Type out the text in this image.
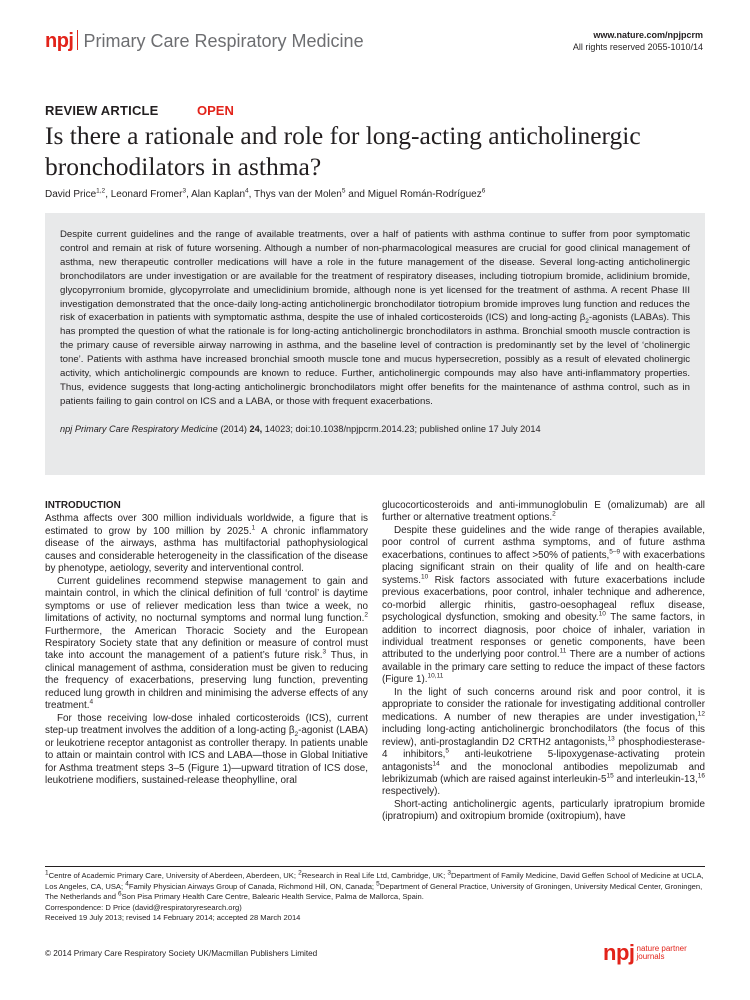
npj Primary Care Respiratory Medicine	www.nature.com/npjpcrm
All rights reserved 2055-1010/14
REVIEW ARTICLE	OPEN
Is there a rationale and role for long-acting anticholinergic bronchodilators in asthma?
David Price$^{1,2}$, Leonard Fromer$^3$, Alan Kaplan$^4$, Thys van der Molen$^5$ and Miguel Román-Rodríguez$^6$

Despite current guidelines and the range of available treatments, over a half of patients with asthma continue to suffer from poor symptomatic control and remain at risk of future worsening. Although a number of non-pharmacological measures are crucial for good clinical management of asthma, new therapeutic controller medications will have a role in the future management of the disease. Several long-acting anticholinergic bronchodilators are under investigation or are available for the treatment of respiratory diseases, including tiotropium bromide, aclidinium bromide, glycopyrronium bromide, glycopyrrolate and umeclidinium bromide, although none is yet licensed for the treatment of asthma. A recent Phase III investigation demonstrated that the once-daily long-acting anticholinergic bronchodilator tiotropium bromide improves lung function and reduces the risk of exacerbation in patients with symptomatic asthma, despite the use of inhaled corticosteroids (ICS) and long-acting $\beta_2$-agonists (LABAs). This has prompted the question of what the rationale is for long-acting anticholinergic bronchodilators in asthma. Bronchial smooth muscle contraction is the primary cause of reversible airway narrowing in asthma, and the baseline level of contraction is predominantly set by the level of ‘cholinergic tone’. Patients with asthma have increased bronchial smooth muscle tone and mucus hypersecretion, possibly as a result of elevated cholinergic activity, which anticholinergic compounds are known to reduce. Further, anticholinergic compounds may also have anti-inflammatory properties. Thus, evidence suggests that long-acting anticholinergic bronchodilators might offer benefits for the maintenance of asthma control, such as in patients failing to gain control on ICS and a LABA, or those with frequent exacerbations.

npj Primary Care Respiratory Medicine (2014) 24, 14023; doi:10.1038/npjpcrm.2014.23; published online 17 July 2014

INTRODUCTION

Asthma affects over 300 million individuals worldwide, a figure that is estimated to grow by 100 million by 2025.$^1$ A chronic inflammatory disease of the airways, asthma has multifactorial pathophysiological causes and considerable heterogeneity in the classification of the disease by phenotype, aetiology, severity and interventional control.

Current guidelines recommend stepwise management to gain and maintain control, in which the clinical definition of full ‘control’ is daytime symptoms or use of reliever medication less than twice a week, no limitations of activity, no nocturnal symptoms and normal lung function.$^2$ Furthermore, the American Thoracic Society and the European Respiratory Society state that any definition or measure of control must take into account the management of a patient’s future risk.$^3$ Thus, in clinical management of asthma, consideration must be given to reducing the frequency of exacerbations, preserving lung function, preventing reduced lung growth in children and minimising the adverse effects of any treatment.$^4$

For those receiving low-dose inhaled corticosteroids (ICS), current step-up treatment involves the addition of a long-acting $\beta_2$-agonist (LABA) or leukotriene receptor antagonist as controller therapy. In patients unable to attain or maintain control with ICS and LABA—those in Global Initiative for Asthma treatment steps 3–5 (Figure 1)—upward titration of ICS dose, leukotriene modifiers, sustained-release theophylline, oral

glucocorticosteroids and anti-immunoglobulin E (omalizumab) are all further or alternative treatment options.$^2$

Despite these guidelines and the wide range of therapies available, poor control of current asthma symptoms, and of future asthma exacerbations, continues to affect >50% of patients,$^{5-9}$ with exacerbations placing significant strain on their quality of life and on health-care systems.$^{10}$ Risk factors associated with future exacerbations include previous exacerbations, poor control, inhaler technique and adherence, co-morbid allergic rhinitis, gastro-oesophageal reflux disease, psychological dysfunction, smoking and obesity.$^{10}$ The same factors, in addition to incorrect diagnosis, poor choice of inhaler, variation in individual treatment responses or genetic components, have been attributed to the underlying poor control.$^{11}$ There are a number of actions available in the primary care setting to reduce the impact of these factors (Figure 1).$^{10,11}$

In the light of such concerns around risk and poor control, it is appropriate to consider the rationale for investigating additional controller medications. A number of new therapies are under investigation,$^{12}$ including long-acting anticholinergic bronchodilators (the focus of this review), anti-prostaglandin D2 CRTH2 antagonists,$^{13}$ phosphodiesterase-4 inhibitors,$^5$ anti-leukotriene 5-lipoxygenase-activating protein antagonists$^{14}$ and the monoclonal antibodies mepolizumab and lebrikizumab (which are raised against interleukin-$5^{15}$ and interleukin-13,16 respectively).

Short-acting anticholinergic agents, particularly ipratropium bromide (ipratropium) and oxitropium bromide (oxitropium), have

$^1$Centre of Academic Primary Care, University of Aberdeen, Aberdeen, UK; $^2$Research in Real Life Ltd, Cambridge, UK; $^3$Department of Family Medicine, David Geffen School of Medicine at UCLA, Los Angeles, CA, USA; $^4$Family Physician Airways Group of Canada, Richmond Hill, ON, Canada; $^5$Department of General Practice, University of Groningen, University Medical Center, Groningen, The Netherlands and $^6$Son Pisa Primary Health Care Centre, Balearic Health Service, Palma de Mallorca, Spain.

Correspondence: D Price (david@respiratoryresearch.org)

Received 19 July 2013; revised 14 February 2014; accepted 28 March 2014

© 2014 Primary Care Respiratory Society UK/Macmillan Publishers Limited	npj nature partner
journals
